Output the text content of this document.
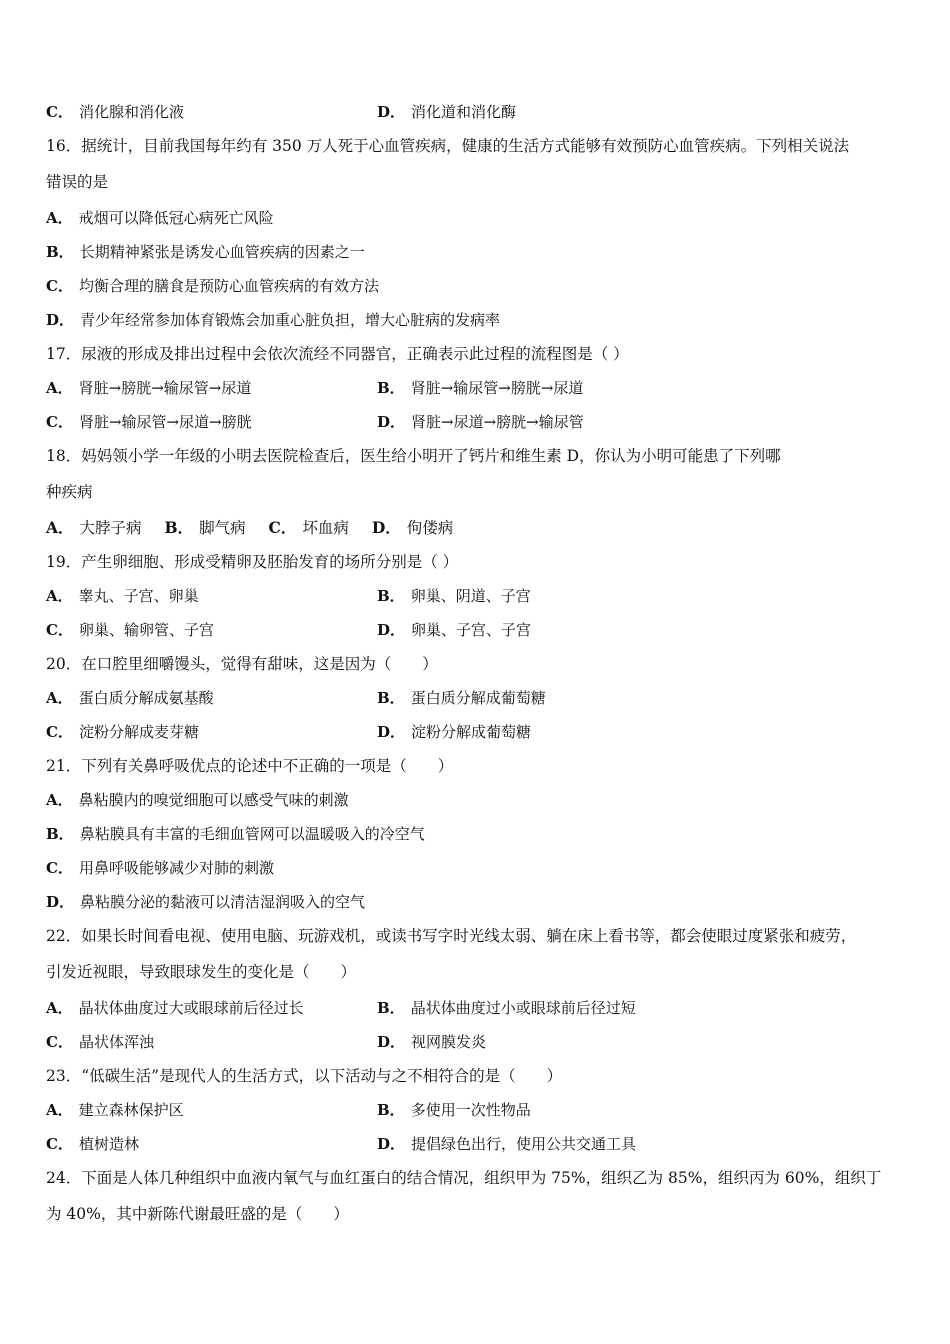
C． 消化腺和消化液	D． 消化道和消化酶
16．据统计，目前我国每年约有 350 万人死于心血管疾病，健康的生活方式能够有效预防心血管疾病。下列相关说法
错误的是
A． 戒烟可以降低冠心病死亡风险
B． 长期精神紧张是诱发心血管疾病的因素之一
C． 均衡合理的膳食是预防心血管疾病的有效方法
D． 青少年经常参加体育锻炼会加重心脏负担，增大心脏病的发病率
17．尿液的形成及排出过程中会依次流经不同器官，正确表示此过程的流程图是（ ）
A． 肾脏→膀胱→输尿管→尿道	B． 肾脏→输尿管→膀胱→尿道
C． 肾脏→输尿管→尿道→膀胱	D． 肾脏→尿道→膀胱→输尿管
18．妈妈领小学一年级的小明去医院检查后，医生给小明开了钙片和维生素 D，你认为小明可能患了下列哪
种疾病
A． 大脖子病 B． 脚气病 C． 坏血病 D． 佝偻病
19．产生卵细胞、形成受精卵及胚胎发育的场所分别是（ ）
A． 睾丸、子宫、卵巢	B． 卵巢、阴道、子宫
C． 卵巢、输卵管、子宫	D． 卵巢、子宫、子宫
20．在口腔里细嚼馒头，觉得有甜味，这是因为（　　）
A． 蛋白质分解成氨基酸	B． 蛋白质分解成葡萄糖
C． 淀粉分解成麦芽糖	D． 淀粉分解成葡萄糖
21．下列有关鼻呼吸优点的论述中不正确的一项是（　　）
A． 鼻粘膜内的嗅觉细胞可以感受气味的刺激
B． 鼻粘膜具有丰富的毛细血管网可以温暖吸入的冷空气
C． 用鼻呼吸能够减少对肺的刺激
D． 鼻粘膜分泌的黏液可以清洁湿润吸入的空气
22．如果长时间看电视、使用电脑、玩游戏机，或读书写字时光线太弱、躺在床上看书等，都会使眼过度紧张和疲劳，
引发近视眼，导致眼球发生的变化是（　　）
A． 晶状体曲度过大或眼球前后径过长	B． 晶状体曲度过小或眼球前后径过短
C． 晶状体浑浊	D． 视网膜发炎
23．“低碳生活”是现代人的生活方式，以下活动与之不相符合的是（　　）
A． 建立森林保护区	B． 多使用一次性物品
C． 植树造林	D． 提倡绿色出行，使用公共交通工具
24．下面是人体几种组织中血液内氧气与血红蛋白的结合情况，组织甲为 75%，组织乙为 85%，组织丙为 60%，组织丁
为 40%，其中新陈代谢最旺盛的是（　　）
